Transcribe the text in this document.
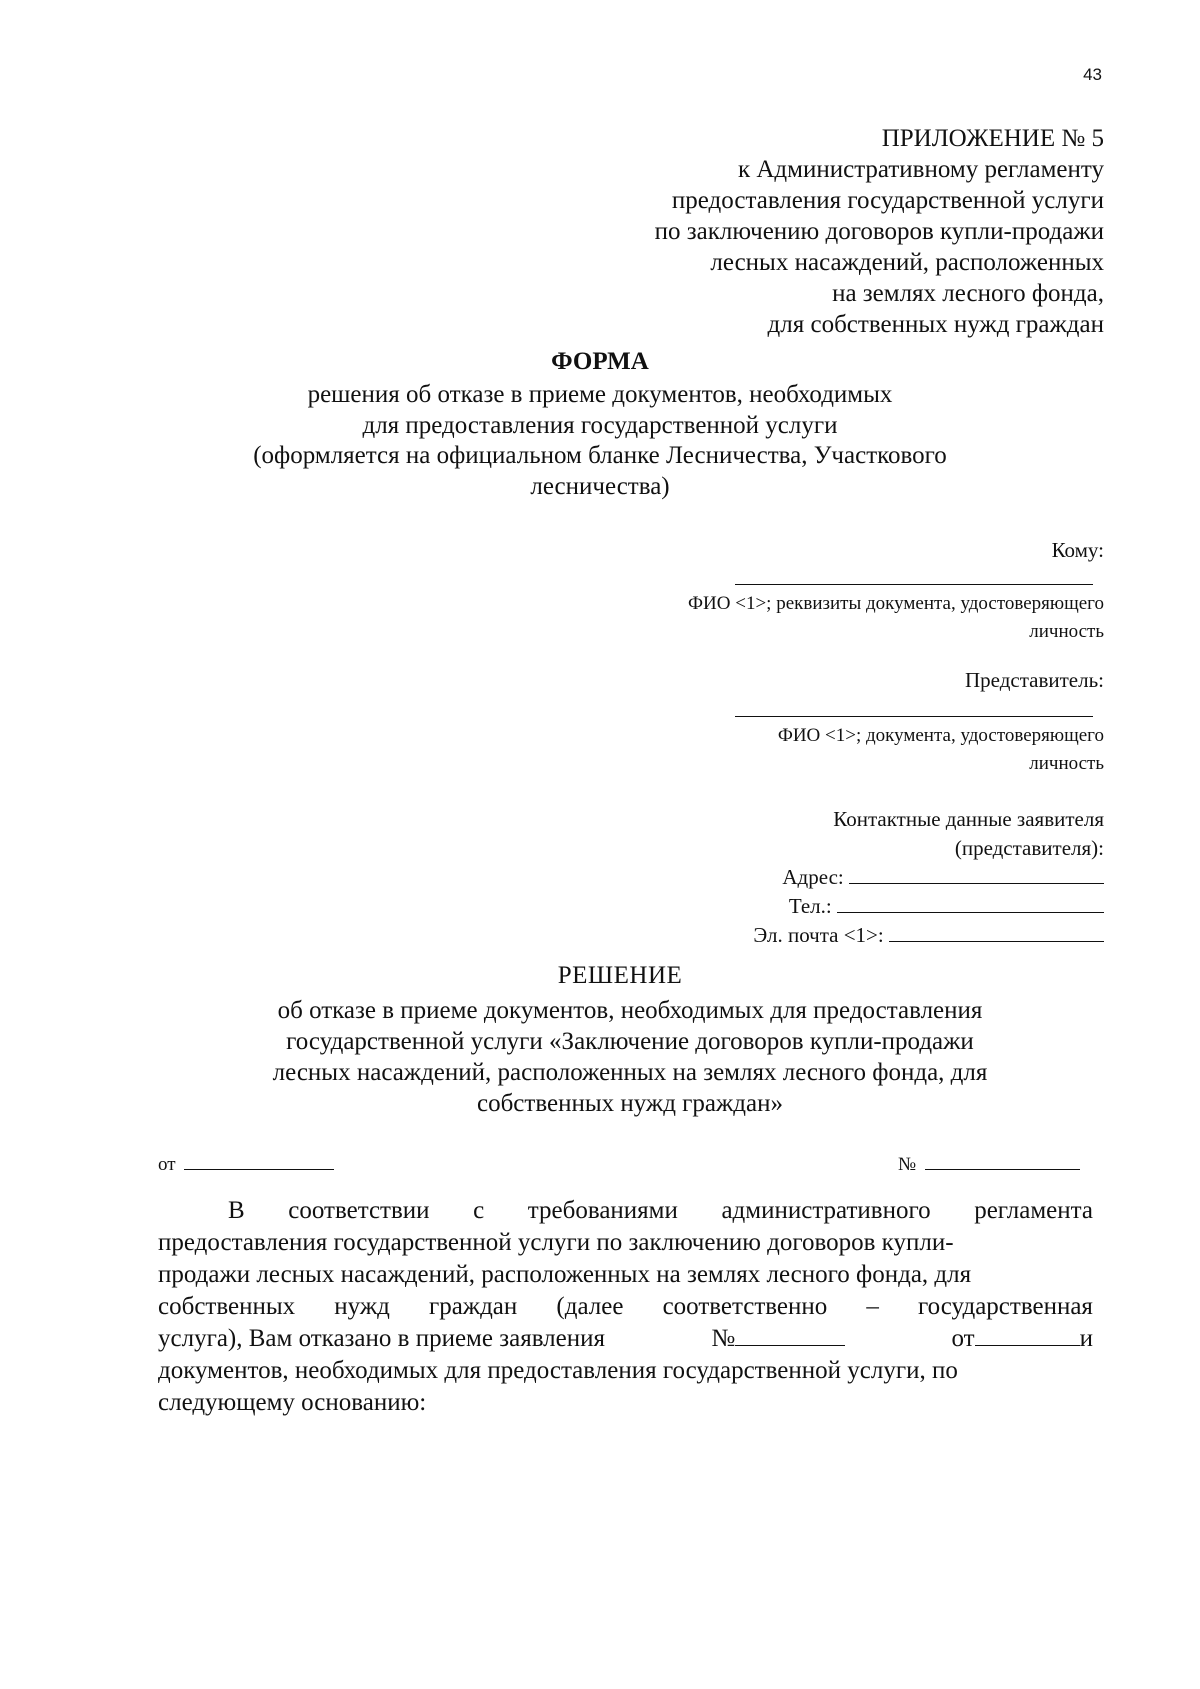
43
ПРИЛОЖЕНИЕ № 5
к Административному регламенту
предоставления государственной услуги
по заключению договоров купли-продажи
лесных насаждений, расположенных
на землях лесного фонда,
для собственных нужд граждан
ФОРМА
решения об отказе в приеме документов, необходимых
для предоставления государственной услуги
(оформляется на официальном бланке Лесничества, Участкового
лесничества)
Кому:
ФИО <1>; реквизиты документа, удостоверяющего
личность
Представитель:
ФИО <1>; документа, удостоверяющего
личность
Контактные данные заявителя
(представителя):
Адрес:
Тел.:
Эл. почта <1>:
РЕШЕНИЕ
об отказе в приеме документов, необходимых для предоставления
государственной услуги «Заключение договоров купли-продажи
лесных насаждений, расположенных на землях лесного фонда, для
собственных нужд граждан»
от	№
В соответствии с требованиями административного регламента
предоставления государственной услуги по заключению договоров купли-
продажи лесных насаждений, расположенных на землях лесного фонда, для
собственных нужд граждан (далее соответственно – государственная
услуга), Вам отказано в приеме заявления	№	от	и
документов, необходимых для предоставления государственной услуги, по
следующему основанию:
